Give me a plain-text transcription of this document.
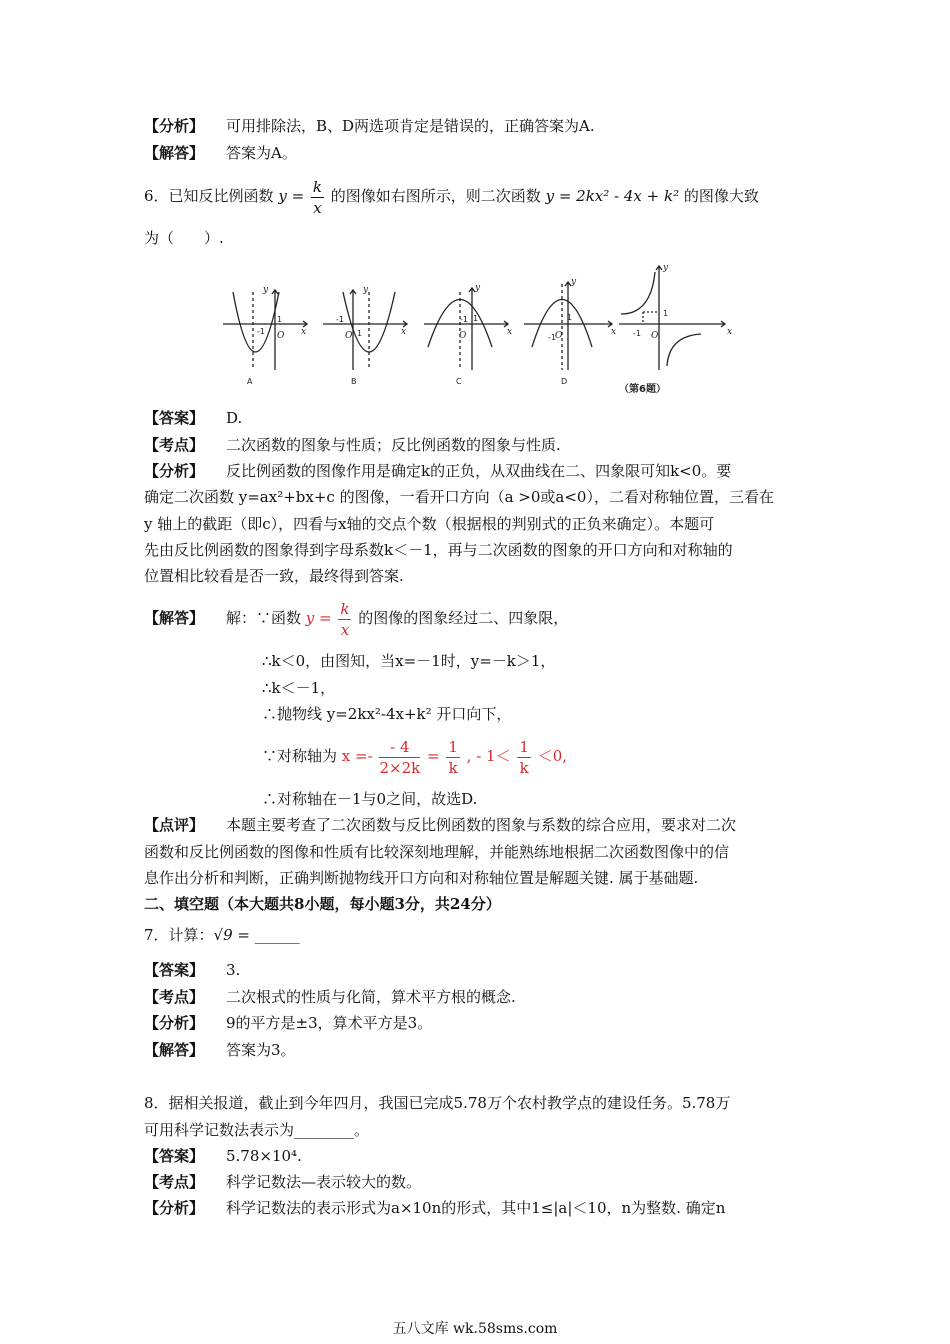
【分析】 可用排除法，B、D两选项肯定是错误的，正确答案为A.
【解答】 答案为A。
6．已知反比例函数 $y = \frac{k}{x}$ 的图像如右图所示，则二次函数 y = 2kx² - 4x + k² 的图像大致
为（　　）.
y
x
O
y
x
O
y
x
O
y
x
O
y
x
O
-1
1	-1
1
-1 1
-1
1
-1
1
A	B	C	D
（第6题）
【答案】 D.
【考点】 二次函数的图象与性质；反比例函数的图象与性质.
【分析】 反比例函数的图像作用是确定k的正负，从双曲线在二、四象限可知k<0。要
确定二次函数 y=ax²+bx+c 的图像，一看开口方向（a >0或a<0），二看对称轴位置，三看在
y 轴上的截距（即c），四看与x轴的交点个数（根据根的判别式的正负来确定）。本题可
先由反比例函数的图象得到字母系数k＜－1，再与二次函数的图象的开口方向和对称轴的
位置相比较看是否一致，最终得到答案.
【解答】 解：∵函数 $y = \frac{k}{x}$ 的图像的图象经过二、四象限，
∴k＜0，由图知，当x=－1时，y=－k＞1，
∴k＜－1，
∴抛物线 y=2kx²-4x+k² 开口向下，
∵对称轴为 $x =- \frac{- 4}{2\times 2k} = \frac{1}{k}$ , - $1< \frac{1}{k} <0$,
∴对称轴在－1与0之间，故选D.
【点评】 本题主要考查了二次函数与反比例函数的图象与系数的综合应用，要求对二次
函数和反比例函数的图像和性质有比较深刻地理解，并能熟练地根据二次函数图像中的信
息作出分析和判断，正确判断抛物线开口方向和对称轴位置是解题关键. 属于基础题.
二、填空题（本大题共8小题，每小题3分，共24分）
7．计算：√9 = ______
【答案】 3.
【考点】 二次根式的性质与化简，算术平方根的概念.
【分析】 9的平方是±3，算术平方是3。
【解答】 答案为3。
8．据相关报道，截止到今年四月，我国已完成5.78万个农村教学点的建设任务。5.78万
可用科学记数法表示为________。
【答案】 5.78×10⁴.
【考点】 科学记数法—表示较大的数。
【分析】 科学记数法的表示形式为a×10n的形式，其中1≤|a|＜10，n为整数. 确定n
五八文库 wk.58sms.com
